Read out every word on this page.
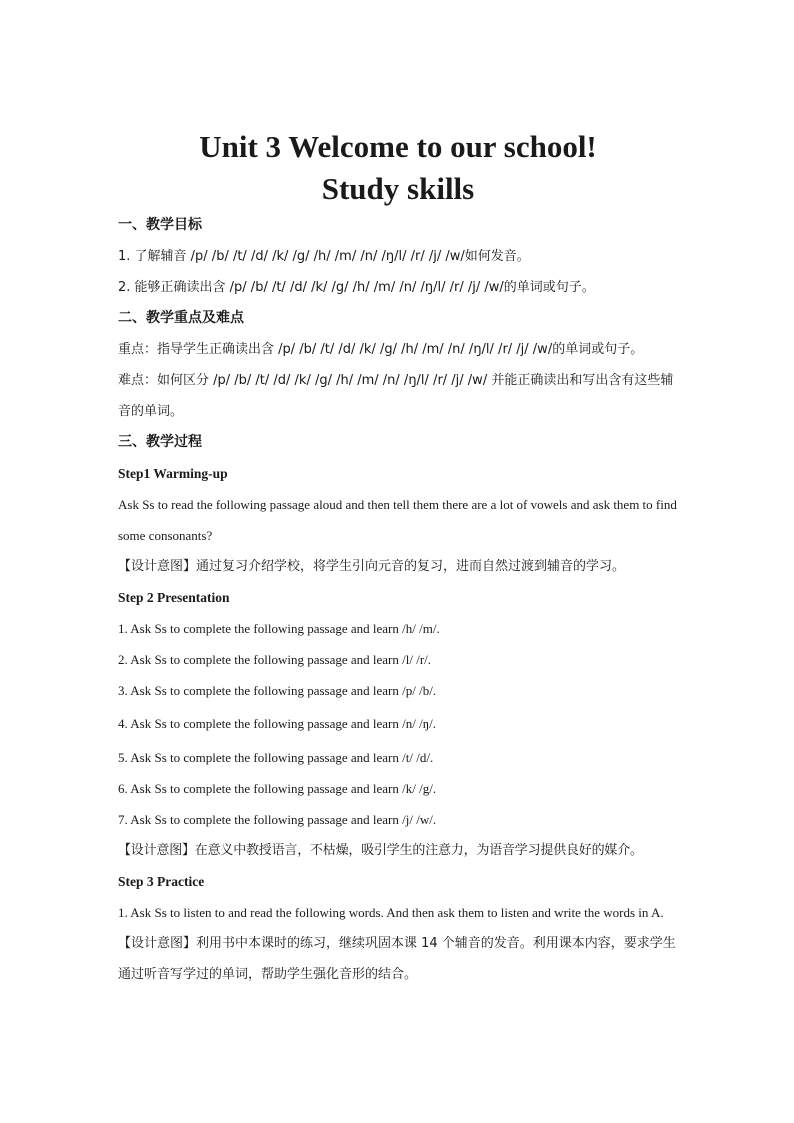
Unit 3 Welcome to our school!
Study skills

一、教学目标

1. 了解辅音 /p/ /b/ /t/ /d/ /k/ /g/ /h/ /m/ /n/ /ŋ/l/ /r/ /j/ /w/如何发音。

2. 能够正确读出含 /p/ /b/ /t/ /d/ /k/ /g/ /h/ /m/ /n/ /ŋ/l/ /r/ /j/ /w/的单词或句子。

二、教学重点及难点

重点：指导学生正确读出含 /p/ /b/ /t/ /d/ /k/ /g/ /h/ /m/ /n/ /ŋ/l/ /r/ /j/ /w/的单词或句子。

难点：如何区分 /p/ /b/ /t/ /d/ /k/ /g/ /h/ /m/ /n/ /ŋ/l/ /r/ /j/ /w/ 并能正确读出和写出含有这些辅音的单词。

三、教学过程

Step1 Warming-up

Ask Ss to read the following passage aloud and then tell them there are a lot of vowels and ask them to find some consonants?

【设计意图】通过复习介绍学校，将学生引向元音的复习，进而自然过渡到辅音的学习。

Step 2 Presentation

1. Ask Ss to complete the following passage and learn /h/ /m/.

2. Ask Ss to complete the following passage and learn /l/ /r/.

3. Ask Ss to complete the following passage and learn /p/ /b/.

4. Ask Ss to complete the following passage and learn /n/ /ŋ/.

5. Ask Ss to complete the following passage and learn /t/ /d/.

6. Ask Ss to complete the following passage and learn /k/ /g/.

7. Ask Ss to complete the following passage and learn /j/ /w/.

【设计意图】在意义中教授语言，不枯燥，吸引学生的注意力，为语音学习提供良好的媒介。

Step 3 Practice

1. Ask Ss to listen to and read the following words. And then ask them to listen and write the words in A.

【设计意图】利用书中本课时的练习，继续巩固本课 14 个辅音的发音。利用课本内容，要求学生通过听音写学过的单词，帮助学生强化音形的结合。
